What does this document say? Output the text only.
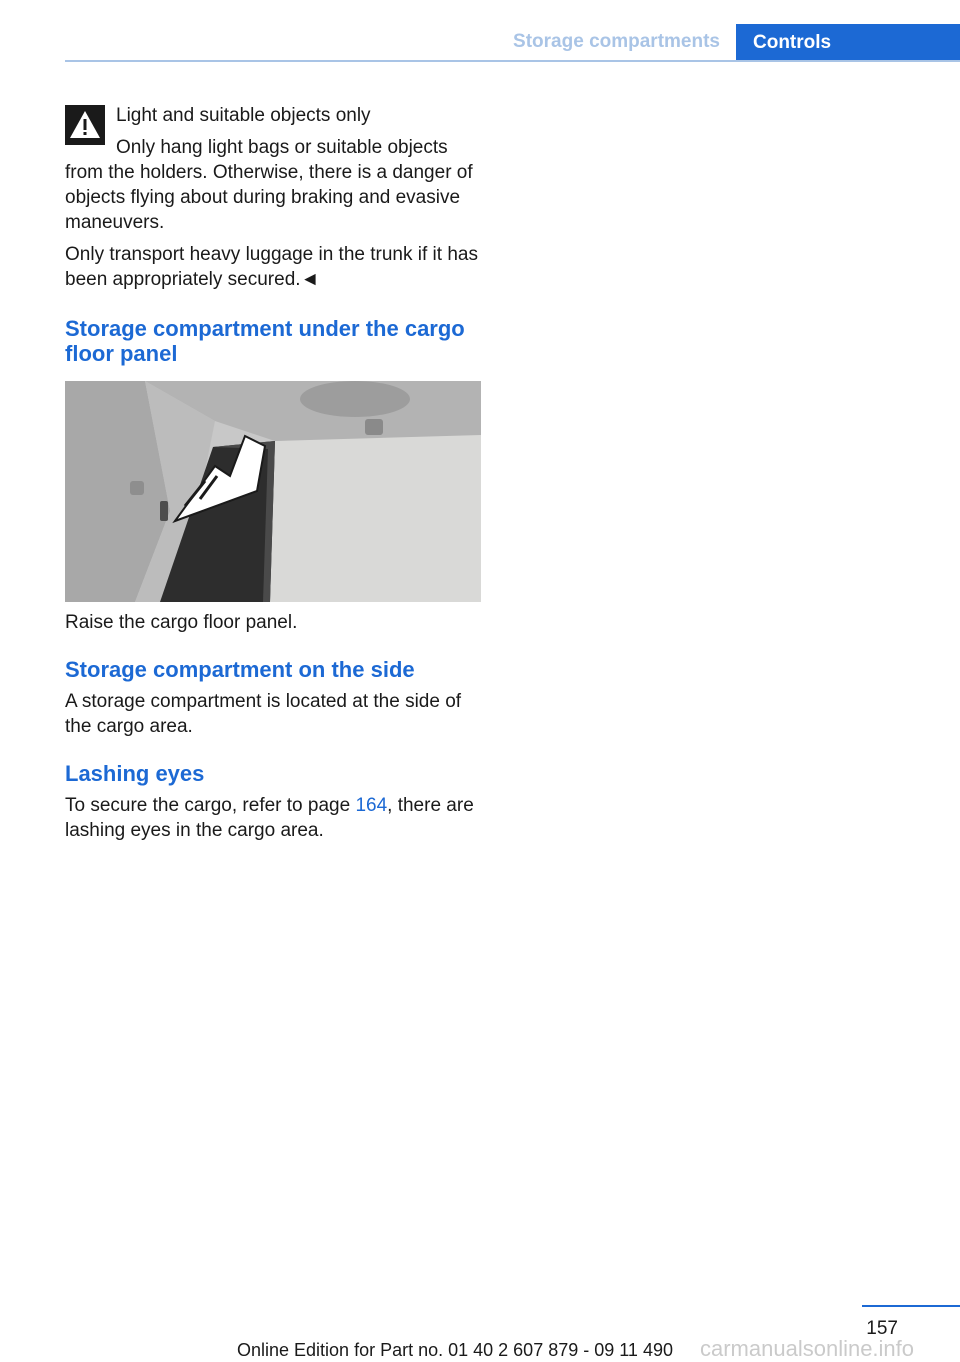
Storage compartments	Controls

Light and suitable objects only

Only hang light bags or suitable objects from the holders. Otherwise, there is a danger of objects flying about during braking and evasive maneuvers.

Only transport heavy luggage in the trunk if it has been appropriately secured.◄

Storage compartment under the cargo floor panel

Raise the cargo floor panel.

Storage compartment on the side

A storage compartment is located at the side of the cargo area.

Lashing eyes

To secure the cargo, refer to page 164, there are lashing eyes in the cargo area.

157
Online Edition for Part no. 01 40 2 607 879 - 09 11 490 carmanualsonline.info
